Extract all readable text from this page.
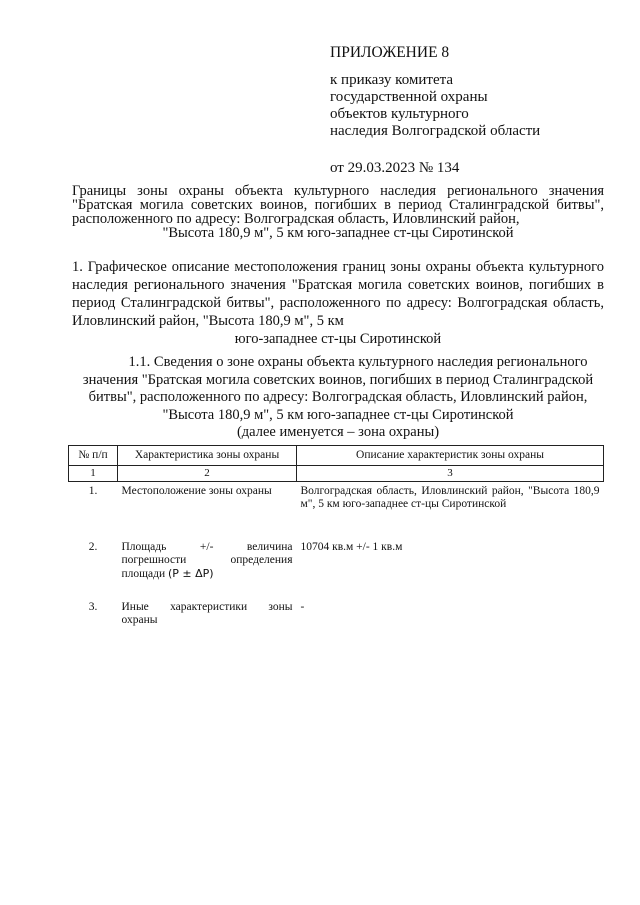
ПРИЛОЖЕНИЕ 8
к приказу комитета
государственной охраны
объектов культурного
наследия Волгоградской области
от 29.03.2023 № 134

Границы зоны охраны объекта культурного наследия регионального значения "Братская могила советских воинов, погибших в период Сталинградской битвы", расположенного по адресу: Волгоградская область, Иловлинский район,

"Высота 180,9 м", 5 км юго-западнее ст-цы Сиротинской

1. Графическое описание местоположения границ зоны охраны объекта культурного наследия регионального значения "Братская могила советских воинов, погибших в период Сталинградской битвы", расположенного по адресу: Волгоградская область, Иловлинский район, "Высота 180,9 м", 5 км

юго-западнее ст-цы Сиротинской

1.1. Сведения о зоне охраны объекта культурного наследия регионального

значения "Братская могила советских воинов, погибших в период Сталинградской

битвы", расположенного по адресу: Волгоградская область, Иловлинский район,

"Высота 180,9 м", 5 км юго-западнее ст-цы Сиротинской

(далее именуется – зона охраны)

№ п/п	Характеристика зоны охраны	Описание характеристик зоны охраны
1	2	3
1.	Местоположение зоны охраны	Волгоградская область, Иловлинский район, "Высота 180,9 м", 5 км юго-западнее ст-цы Сиротинской
2.	Площадь +/- величина погрешности определения площади (P ± ΔP)	10704 кв.м +/- 1 кв.м
3.	Иные характеристики зоны охраны	-
